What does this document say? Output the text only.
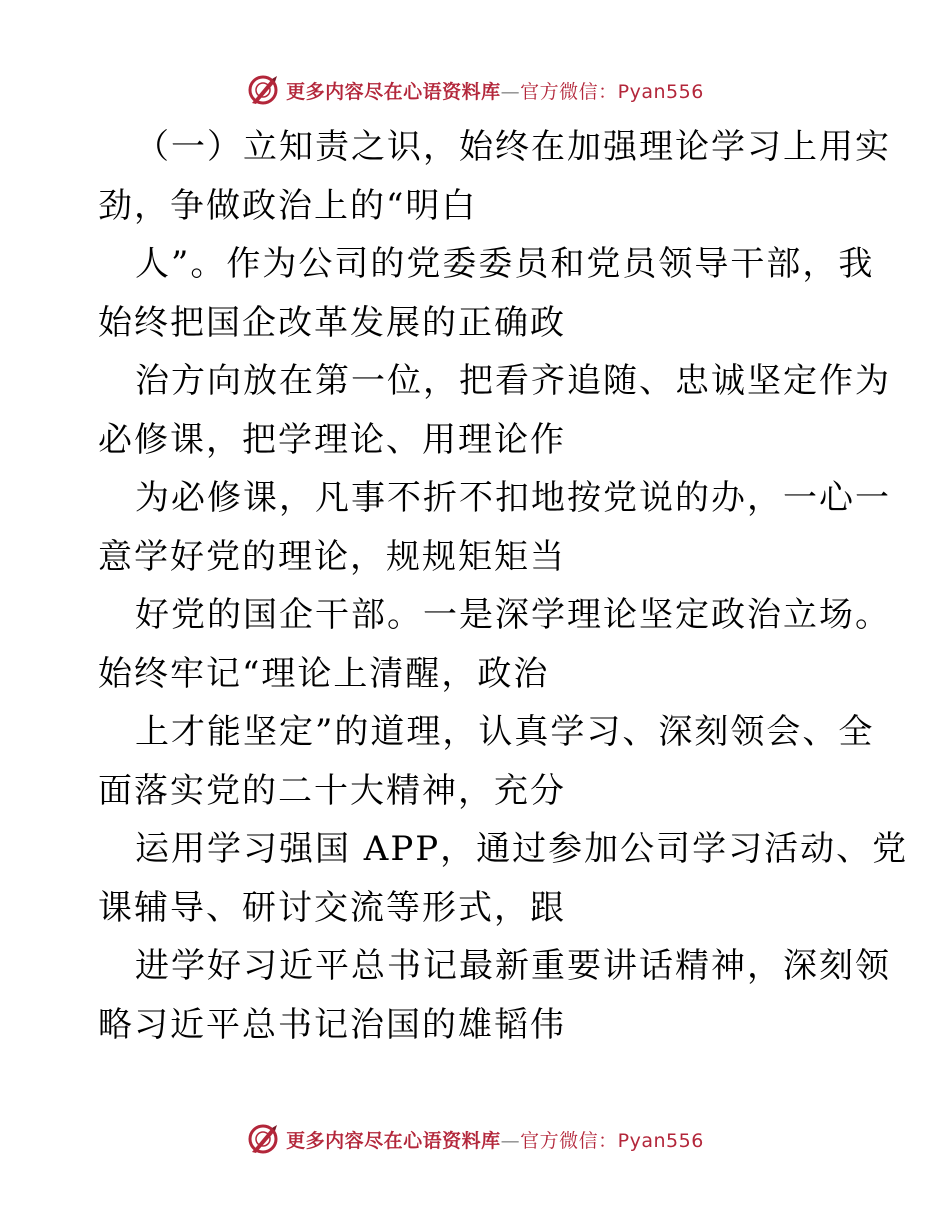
更多内容尽在心语资料库—官方微信：Pyan556
（一）立知责之识，始终在加强理论学习上用实
劲，争做政治上的“明白
人”。作为公司的党委委员和党员领导干部，我
始终把国企改革发展的正确政
治方向放在第一位，把看齐追随、忠诚坚定作为
必修课，把学理论、用理论作
为必修课，凡事不折不扣地按党说的办，一心一
意学好党的理论，规规矩矩当
好党的国企干部。一是深学理论坚定政治立场。
始终牢记“理论上清醒，政治
上才能坚定”的道理，认真学习、深刻领会、全
面落实党的二十大精神，充分
运用学习强国 APP，通过参加公司学习活动、党
课辅导、研讨交流等形式，跟
进学好习近平总书记最新重要讲话精神，深刻领
略习近平总书记治国的雄韬伟
更多内容尽在心语资料库—官方微信：Pyan556
